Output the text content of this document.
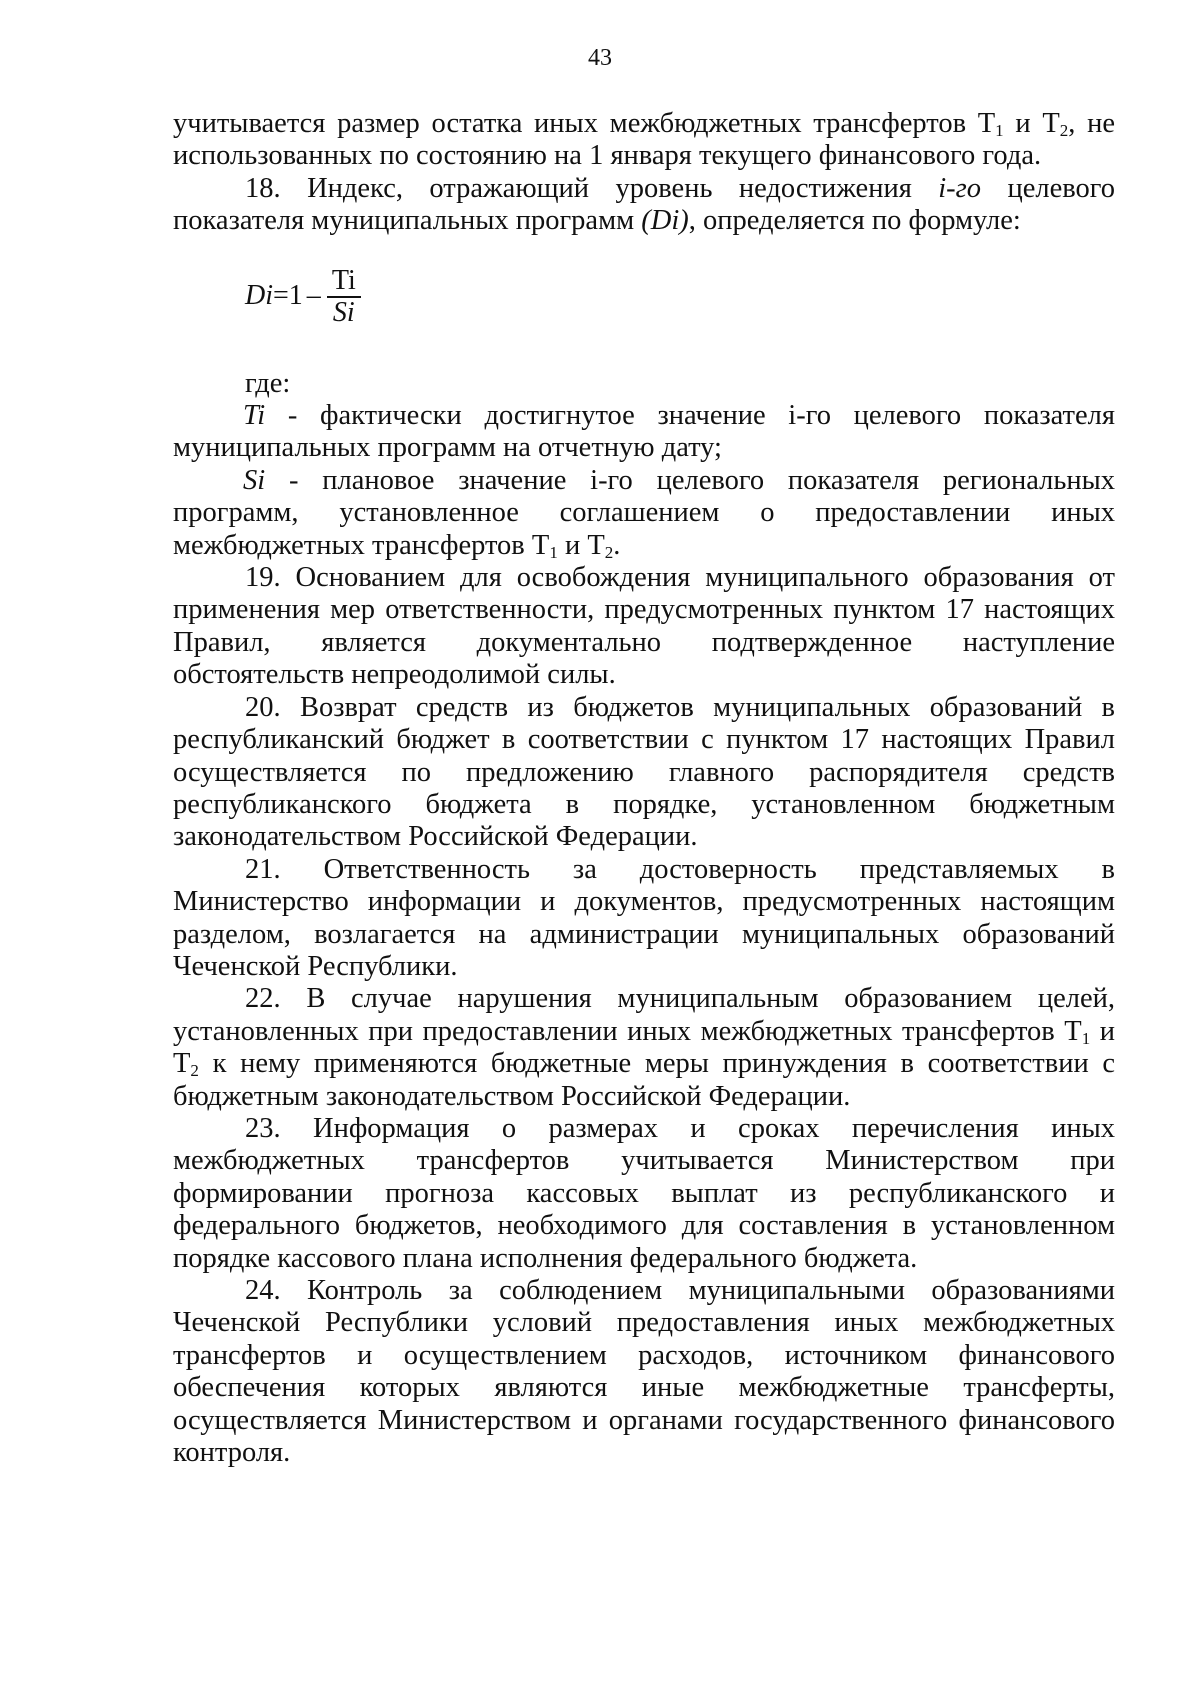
43

учитывается размер остатка иных межбюджетных трансфертов $Т_1$ и $Т_2$, не использованных по состоянию на 1 января текущего финансового года.

18. Индекс, отражающий уровень недостижения i-го целевого показателя муниципальных программ (Di), определяется по формуле:

$Di = 1 - \frac{Ti}{Si}$

где:

Ti - фактически достигнутое значение i-го целевого показателя муниципальных программ на отчетную дату;

Si - плановое значение i-го целевого показателя региональных программ, установленное соглашением о предоставлении иных межбюджетных трансфертов $Т_1$ и $Т_2$.

19. Основанием для освобождения муниципального образования от применения мер ответственности, предусмотренных пунктом 17 настоящих Правил, является документально подтвержденное наступление обстоятельств непреодолимой силы.

20. Возврат средств из бюджетов муниципальных образований в республиканский бюджет в соответствии с пунктом 17 настоящих Правил осуществляется по предложению главного распорядителя средств республиканского бюджета в порядке, установленном бюджетным законодательством Российской Федерации.

21. Ответственность за достоверность представляемых в Министерство информации и документов, предусмотренных настоящим разделом, возлагается на администрации муниципальных образований Чеченской Республики.

22. В случае нарушения муниципальным образованием целей, установленных при предоставлении иных межбюджетных трансфертов $Т_1$ и $Т_2$ к нему применяются бюджетные меры принуждения в соответствии с бюджетным законодательством Российской Федерации.

23. Информация о размерах и сроках перечисления иных межбюджетных трансфертов учитывается Министерством при формировании прогноза кассовых выплат из республиканского и федерального бюджетов, необходимого для составления в установленном порядке кассового плана исполнения федерального бюджета.

24. Контроль за соблюдением муниципальными образованиями Чеченской Республики условий предоставления иных межбюджетных трансфертов и осуществлением расходов, источником финансового обеспечения которых являются иные межбюджетные трансферты, осуществляется Министерством и органами государственного финансового контроля.
